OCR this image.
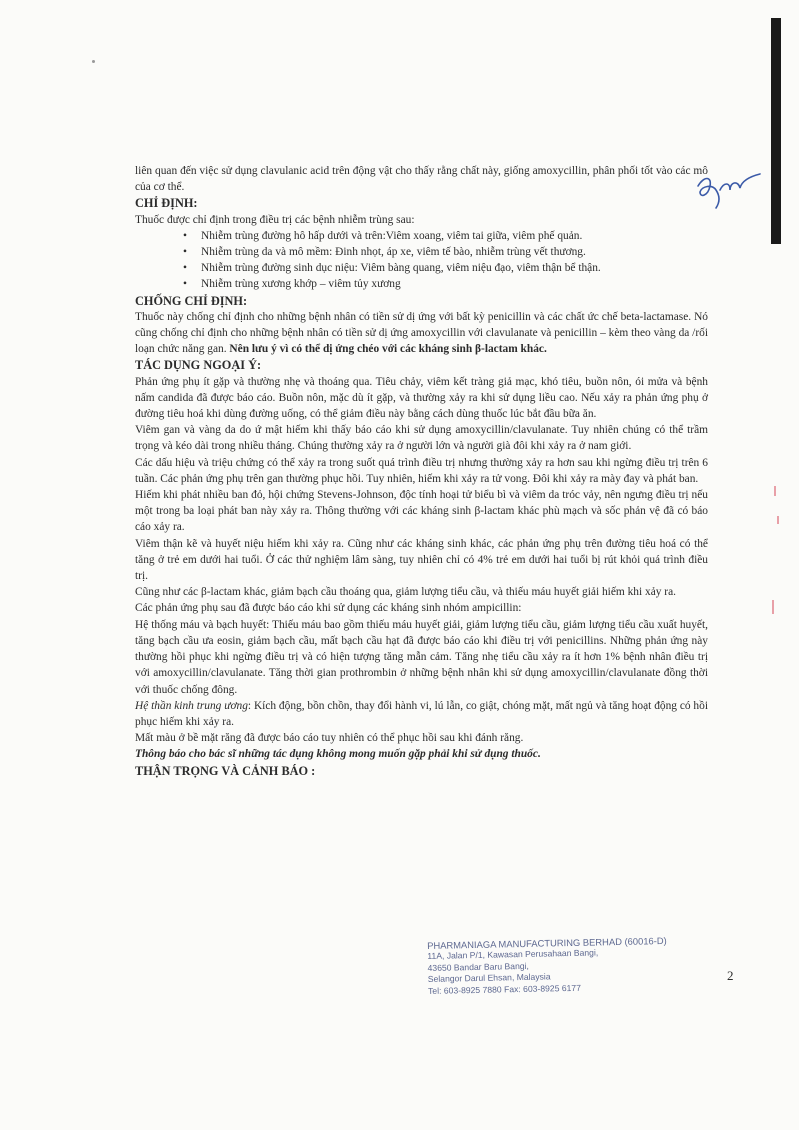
liên quan đến việc sử dụng clavulanic acid trên động vật cho thấy rằng chất này, giống amoxycillin, phân phối tốt vào các mô của cơ thể.

CHỈ ĐỊNH:

Thuốc được chỉ định trong điều trị các bệnh nhiễm trùng sau:

• Nhiễm trùng đường hô hấp dưới và trên:Viêm xoang, viêm tai giữa, viêm phế quản.
• Nhiễm trùng da và mô mềm: Đinh nhọt, áp xe, viêm tế bào, nhiễm trùng vết thương.
• Nhiễm trùng đường sinh dục niệu: Viêm bàng quang, viêm niệu đạo, viêm thận bể thận.
• Nhiễm trùng xương khớp – viêm tủy xương
CHỐNG CHỈ ĐỊNH:

Thuốc này chống chỉ định cho những bệnh nhân có tiền sử dị ứng với bất kỳ penicillin và các chất ức chế beta-lactamase. Nó cũng chống chỉ định cho những bệnh nhân có tiền sử dị ứng amoxycillin với clavulanate và penicillin – kèm theo vàng da /rối loạn chức năng gan. Nên lưu ý vì có thể dị ứng chéo với các kháng sinh β-lactam khác.

TÁC DỤNG NGOẠI Ý:

Phản ứng phụ ít gặp và thường nhẹ và thoáng qua. Tiêu chảy, viêm kết tràng giả mạc, khó tiêu, buồn nôn, ói mửa và bệnh nấm candida đã được báo cáo. Buồn nôn, mặc dù ít gặp, và thường xảy ra khi sử dụng liều cao. Nếu xảy ra phản ứng phụ ở đường tiêu hoá khi dùng đường uống, có thể giảm điều này bằng cách dùng thuốc lúc bắt đầu bữa ăn.

Viêm gan và vàng da do ứ mật hiếm khi thấy báo cáo khi sử dụng amoxycillin/clavulanate. Tuy nhiên chúng có thể trầm trọng và kéo dài trong nhiều tháng. Chúng thường xảy ra ở người lớn và người già đôi khi xảy ra ở nam giới.

Các dấu hiệu và triệu chứng có thể xảy ra trong suốt quá trình điều trị nhưng thường xảy ra hơn sau khi ngừng điều trị trên 6 tuần. Các phản ứng phụ trên gan thường phục hồi. Tuy nhiên, hiếm khi xảy ra tử vong. Đôi khi xảy ra mày đay và phát ban.

Hiếm khi phát nhiều ban đỏ, hội chứng Stevens-Johnson, độc tính hoại tử biểu bì và viêm da tróc vảy, nên ngưng điều trị nếu một trong ba loại phát ban này xảy ra. Thông thường với các kháng sinh β-lactam khác phù mạch và sốc phản vệ đã có báo cáo xảy ra.

Viêm thận kẽ và huyết niệu hiếm khi xảy ra. Cũng như các kháng sinh khác, các phản ứng phụ trên đường tiêu hoá có thể tăng ở trẻ em dưới hai tuổi. Ở các thử nghiệm lâm sàng, tuy nhiên chỉ có 4% trẻ em dưới hai tuổi bị rút khỏi quá trình điều trị.

Cũng như các β-lactam khác, giảm bạch cầu thoáng qua, giảm lượng tiểu cầu, và thiếu máu huyết giải hiếm khi xảy ra.

Các phản ứng phụ sau đã được báo cáo khi sử dụng các kháng sinh nhóm ampicillin:

Hệ thống máu và bạch huyết: Thiếu máu bao gồm thiếu máu huyết giải, giảm lượng tiểu cầu, giảm lượng tiểu cầu xuất huyết, tăng bạch cầu ưa eosin, giảm bạch cầu, mất bạch cầu hạt đã được báo cáo khi điều trị với penicillins. Những phản ứng này thường hồi phục khi ngừng điều trị và có hiện tượng tăng mẫn cảm. Tăng nhẹ tiểu cầu xảy ra ít hơn 1% bệnh nhân điều trị với amoxycillin/clavulanate. Tăng thời gian prothrombin ở những bệnh nhân khi sử dụng amoxycillin/clavulanate đồng thời với thuốc chống đông.

Hệ thần kinh trung ương: Kích động, bồn chồn, thay đổi hành vi, lú lẫn, co giật, chóng mặt, mất ngủ và tăng hoạt động có hồi phục hiếm khi xảy ra.

Mất màu ở bề mặt răng đã được báo cáo tuy nhiên có thể phục hồi sau khi đánh răng.

Thông báo cho bác sĩ những tác dụng không mong muốn gặp phải khi sử dụng thuốc.

THẬN TRỌNG VÀ CẢNH BÁO :
PHARMANIAGA MANUFACTURING BERHAD (60016-D)
11A, Jalan P/1, Kawasan Perusahaan Bangi,
43650 Bandar Baru Bangi,
Selangor Darul Ehsan, Malaysia
Tel: 603-8925 7880 Fax: 603-8925 6177
2
